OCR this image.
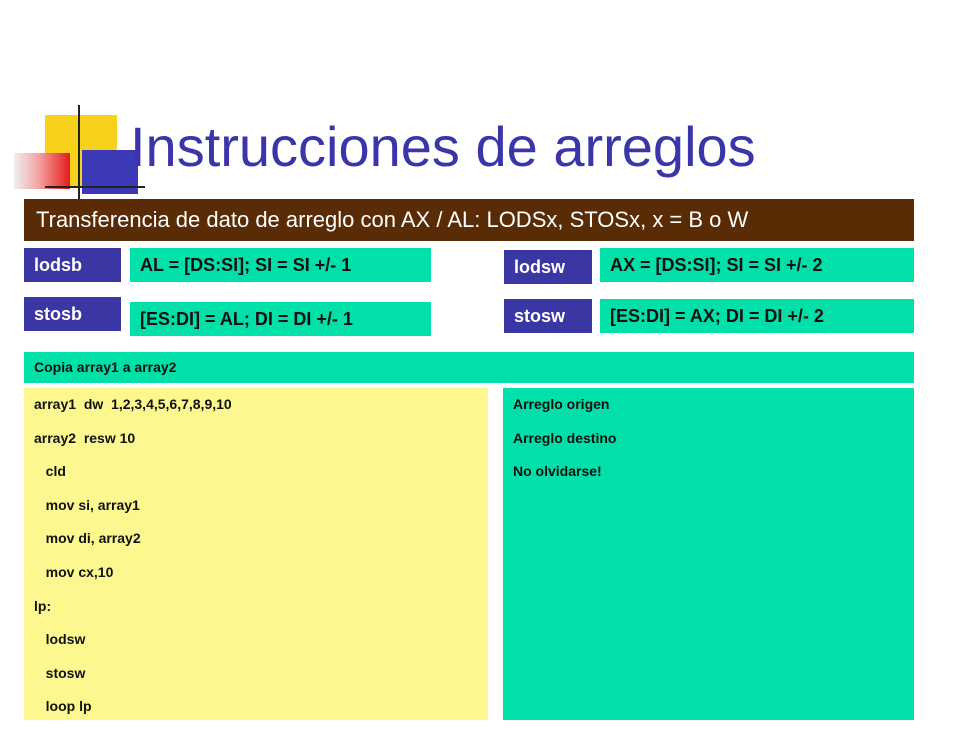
Instrucciones de arreglos
Transferencia de dato de arreglo con AX / AL: LODSx, STOSx, x = B o W
lodsb	AL = [DS:SI]; SI = SI +/- 1
stosb	[ES:DI] = AL; DI = DI +/- 1
lodsw	AX = [DS:SI]; SI = SI +/- 2
stosw	[ES:DI] = AX; DI = DI +/- 2
Copia array1 a array2
array1  dw  1,2,3,4,5,6,7,8,9,10
array2  resw 10
cld
mov si, array1
mov di, array2
mov cx,10
lp:
lodsw
stosw
loop lp
Arreglo origen
Arreglo destino
No olvidarse!
